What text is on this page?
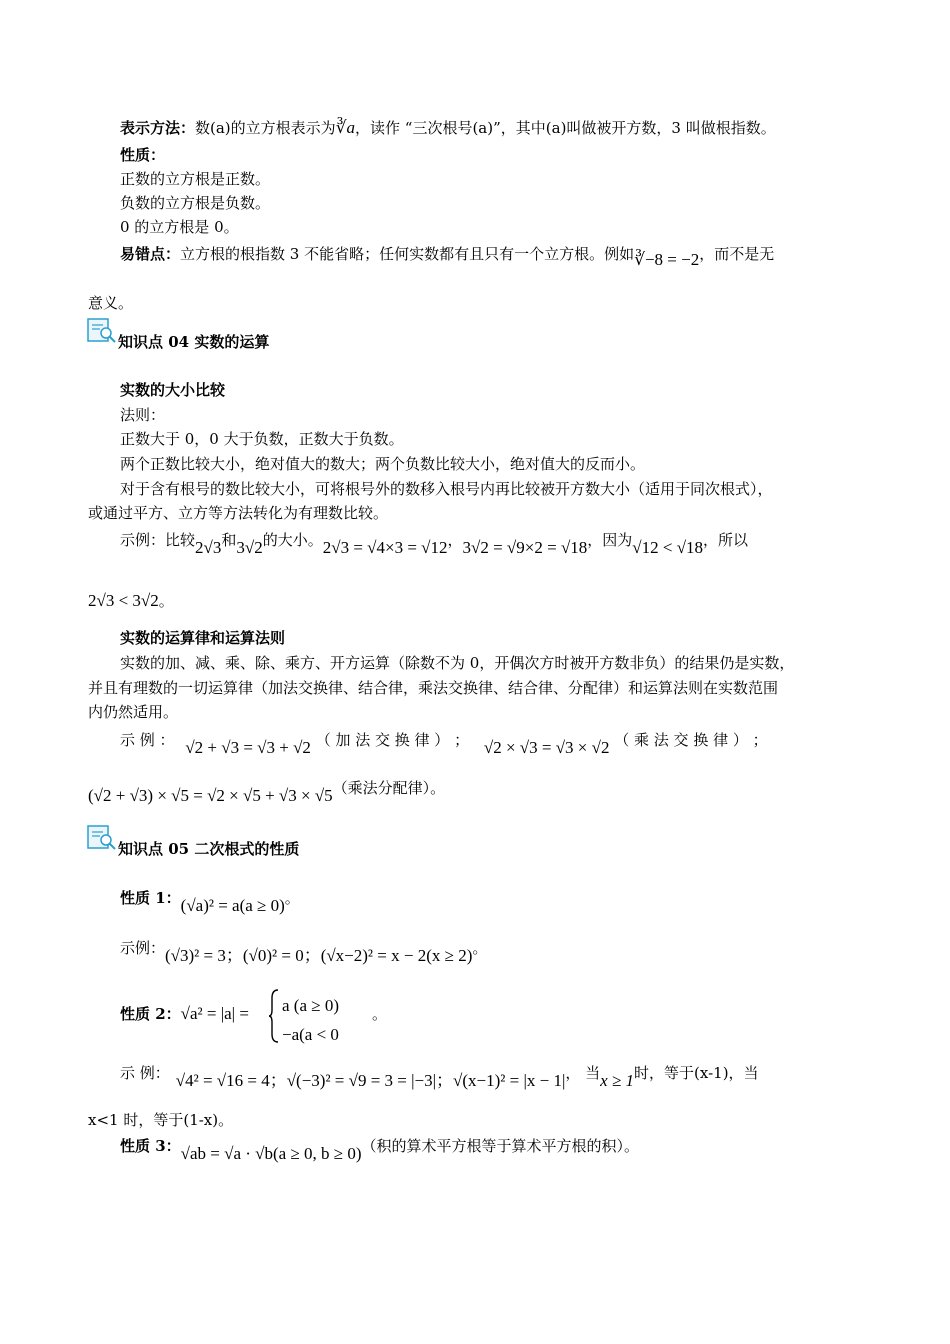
表示方法：数(a)的立方根表示为∛a，读作 “三次根号(a)”，其中(a)叫做被开方数，3 叫做根指数。
性质：
正数的立方根是正数。
负数的立方根是负数。
0 的立方根是 0。
易错点：立方根的根指数 3 不能省略；任何实数都有且只有一个立方根。例如∛−8 = −2，而不是无
意义。
知识点 04 实数的运算
实数的大小比较
法则：
正数大于 0，0 大于负数，正数大于负数。
两个正数比较大小，绝对值大的数大；两个负数比较大小，绝对值大的反而小。
对于含有根号的数比较大小，可将根号外的数移入根号内再比较被开方数大小（适用于同次根式），
或通过平方、立方等方法转化为有理数比较。
示例：比较2√3和3√2的大小。2√3 = √4×3 = √12，3√2 = √9×2 = √18，因为√12 < √18，所以
2√3 < 3√2。
实数的运算律和运算法则
实数的加、减、乘、除、乘方、开方运算（除数不为 0，开偶次方时被开方数非负）的结果仍是实数，
并且有理数的一切运算律（加法交换律、结合律，乘法交换律、结合律、分配律）和运算法则在实数范围
内仍然适用。
示 例 ： √2 + √3 = √3 + √2 （ 加 法 交 换 律 ） ； √2 × √3 = √3 × √2 （ 乘 法 交 换 律 ） ；
(√2 + √3) × √5 = √2 × √5 + √3 × √5（乘法分配律）。
知识点 05 二次根式的性质
性质 1：(√a)² = a(a ≥ 0)。
示例：(√3)² = 3；(√0)² = 0；(√x−2)² = x − 2(x ≥ 2)。
性质 2：√a² = |a| = a (a ≥ 0)
−a(a < 0
。
示 例： √4² = √16 = 4；√(−3)² = √9 = 3 = |−3|；√(x−1)² = |x − 1|， 当x ≥ 1时，等于(x-1)，当
x<1 时，等于(1-x)。
性质 3：√ab = √a · √b(a ≥ 0, b ≥ 0)（积的算术平方根等于算术平方根的积）。
